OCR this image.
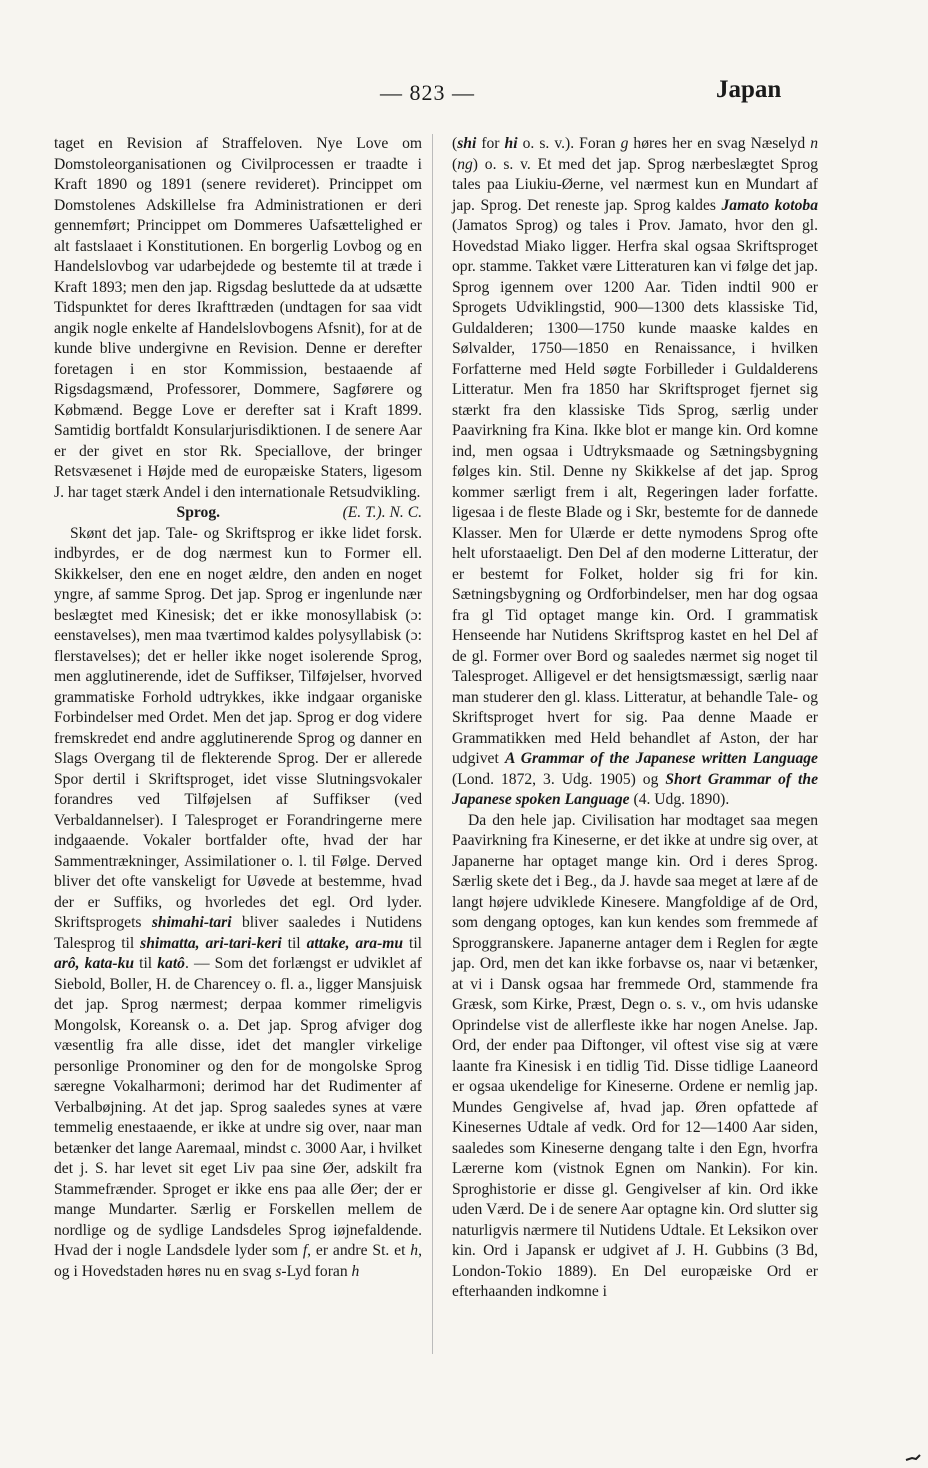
— 823 —	Japan

taget en Revision af Straffeloven. Nye Love om Domstoleorganisationen og Civilprocessen er traadte i Kraft 1890 og 1891 (senere revideret). Princippet om Domstolenes Adskillelse fra Administrationen er deri gennemført; Princippet om Dommeres Uafsættelighed er alt fastslaaet i Konstitutionen. En borgerlig Lovbog og en Handelslovbog var udarbejdede og bestemte til at træde i Kraft 1893; men den jap. Rigsdag besluttede da at udsætte Tidspunktet for deres Ikrafttræden (undtagen for saa vidt angik nogle enkelte af Handelslovbogens Afsnit), for at de kunde blive undergivne en Revision. Denne er derefter foretagen i en stor Kommission, bestaaende af Rigsdagsmænd, Professorer, Dommere, Sagførere og Købmænd. Begge Love er derefter sat i Kraft 1899. Samtidig bortfaldt Konsularjurisdiktionen. I de senere Aar er der givet en stor Rk. Speciallove, der bringer Retsvæsenet i Højde med de europæiske Staters, ligesom J. har taget stærk Andel i den internationale Retsudvikling.
(E. T.). N. C.

Sprog.

Skønt det jap. Tale- og Skriftsprog er ikke lidet forsk. indbyrdes, er de dog nærmest kun to Former ell. Skikkelser, den ene en noget ældre, den anden en noget yngre, af samme Sprog. Det jap. Sprog er ingenlunde nær beslægtet med Kinesisk; det er ikke monosyllabisk (ɔ: eenstavelses), men maa tværtimod kaldes polysyllabisk (ɔ: flerstavelses); det er heller ikke noget isolerende Sprog, men agglutinerende, idet de Suffikser, Tilføjelser, hvorved grammatiske Forhold udtrykkes, ikke indgaar organiske Forbindelser med Ordet. Men det jap. Sprog er dog videre fremskredet end andre agglutinerende Sprog og danner en Slags Overgang til de flekterende Sprog. Der er allerede Spor dertil i Skriftsproget, idet visse Slutningsvokaler forandres ved Tilføjelsen af Suffikser (ved Verbaldannelser). I Talesproget er Forandringerne mere indgaaende. Vokaler bortfalder ofte, hvad der har Sammentrækninger, Assimilationer o. l. til Følge. Derved bliver det ofte vanskeligt for Uøvede at bestemme, hvad der er Suffiks, og hvorledes det egl. Ord lyder. Skriftsprogets shimahi-tari bliver saaledes i Nutidens Talesprog til shimatta, ari-tari-keri til attake, ara-mu til arô, kata-ku til katô. — Som det forlængst er udviklet af Siebold, Boller, H. de Charencey o. fl. a., ligger Mansjuisk det jap. Sprog nærmest; derpaa kommer rimeligvis Mongolsk, Koreansk o. a. Det jap. Sprog afviger dog væsentlig fra alle disse, idet det mangler virkelige personlige Pronominer og den for de mongolske Sprog særegne Vokalharmoni; derimod har det Rudimenter af Verbalbøjning. At det jap. Sprog saaledes synes at være temmelig enestaaende, er ikke at undre sig over, naar man betænker det lange Aaremaal, mindst c. 3000 Aar, i hvilket det j. S. har levet sit eget Liv paa sine Øer, adskilt fra Stammefrænder. Sproget er ikke ens paa alle Øer; der er mange Mundarter. Særlig er Forskellen mellem de nordlige og de sydlige Landsdeles Sprog iøjnefaldende. Hvad der i nogle Landsdele lyder som f, er andre St. et h, og i Hovedstaden høres nu en svag s-Lyd foran h

(shi for hi o. s. v.). Foran g høres her en svag Næselyd n (ng) o. s. v. Et med det jap. Sprog nærbeslægtet Sprog tales paa Liukiu-Øerne, vel nærmest kun en Mundart af jap. Sprog. Det reneste jap. Sprog kaldes Jamato kotoba (Jamatos Sprog) og tales i Prov. Jamato, hvor den gl. Hovedstad Miako ligger. Herfra skal ogsaa Skriftsproget opr. stamme. Takket være Litteraturen kan vi følge det jap. Sprog igennem over 1200 Aar. Tiden indtil 900 er Sprogets Udviklingstid, 900—1300 dets klassiske Tid, Guldalderen; 1300—1750 kunde maaske kaldes en Sølvalder, 1750—1850 en Renaissance, i hvilken Forfatterne med Held søgte Forbilleder i Guldalderens Litteratur. Men fra 1850 har Skriftsproget fjernet sig stærkt fra den klassiske Tids Sprog, særlig under Paavirkning fra Kina. Ikke blot er mange kin. Ord komne ind, men ogsaa i Udtryksmaade og Sætningsbygning følges kin. Stil. Denne ny Skikkelse af det jap. Sprog kommer særligt frem i alt, Regeringen lader forfatte. ligesaa i de fleste Blade og i Skr, bestemte for de dannede Klasser. Men for Ulærde er dette nymodens Sprog ofte helt uforstaaeligt. Den Del af den moderne Litteratur, der er bestemt for Folket, holder sig fri for kin. Sætningsbygning og Ordforbindelser, men har dog ogsaa fra gl Tid optaget mange kin. Ord. I grammatisk Henseende har Nutidens Skriftsprog kastet en hel Del af de gl. Former over Bord og saaledes nærmet sig noget til Talesproget. Alligevel er det hensigtsmæssigt, særlig naar man studerer den gl. klass. Litteratur, at behandle Tale- og Skriftsproget hvert for sig. Paa denne Maade er Grammatikken med Held behandlet af Aston, der har udgivet A Grammar of the Japanese written Language (Lond. 1872, 3. Udg. 1905) og Short Grammar of the Japanese spoken Language (4. Udg. 1890).

Da den hele jap. Civilisation har modtaget saa megen Paavirkning fra Kineserne, er det ikke at undre sig over, at Japanerne har optaget mange kin. Ord i deres Sprog. Særlig skete det i Beg., da J. havde saa meget at lære af de langt højere udviklede Kinesere. Mangfoldige af de Ord, som dengang optoges, kan kun kendes som fremmede af Sproggranskere. Japanerne antager dem i Reglen for ægte jap. Ord, men det kan ikke forbavse os, naar vi betænker, at vi i Dansk ogsaa har fremmede Ord, stammende fra Græsk, som Kirke, Præst, Degn o. s. v., om hvis udanske Oprindelse vist de allerfleste ikke har nogen Anelse. Jap. Ord, der ender paa Diftonger, vil oftest vise sig at være laante fra Kinesisk i en tidlig Tid. Disse tidlige Laaneord er ogsaa ukendelige for Kineserne. Ordene er nemlig jap. Mundes Gengivelse af, hvad jap. Øren opfattede af Kinesernes Udtale af vedk. Ord for 12—1400 Aar siden, saaledes som Kineserne dengang talte i den Egn, hvorfra Lærerne kom (vistnok Egnen om Nankin). For kin. Sproghistorie er disse gl. Gengivelser af kin. Ord ikke uden Værd. De i de senere Aar optagne kin. Ord slutter sig naturligvis nærmere til Nutidens Udtale. Et Leksikon over kin. Ord i Japansk er udgivet af J. H. Gubbins (3 Bd, London-Tokio 1889). En Del europæiske Ord er efterhaanden indkomne i
